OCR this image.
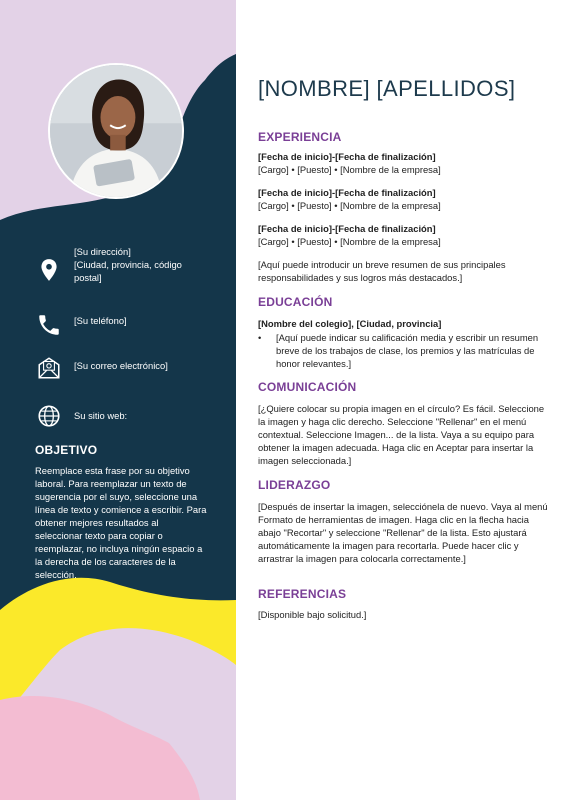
[Su dirección]
[Ciudad, provincia, código postal]
[Su teléfono]
[Su correo electrónico]
Su sitio web:
OBJETIVO
Reemplace esta frase por su objetivo laboral. Para reemplazar un texto de sugerencia por el suyo, seleccione una línea de texto y comience a escribir. Para obtener mejores resultados al seleccionar texto para copiar o reemplazar, no incluya ningún espacio a la derecha de los caracteres de la selección.
[NOMBRE] [APELLIDOS]
EXPERIENCIA
[Fecha de inicio]-[Fecha de finalización]
[Cargo] • [Puesto] • [Nombre de la empresa]
[Fecha de inicio]-[Fecha de finalización]
[Cargo] • [Puesto] • [Nombre de la empresa]
[Fecha de inicio]-[Fecha de finalización]
[Cargo] • [Puesto] • [Nombre de la empresa]
[Aquí puede introducir un breve resumen de sus principales responsabilidades y sus logros más destacados.]
EDUCACIÓN
[Nombre del colegio], [Ciudad, provincia]
• [Aquí puede indicar su calificación media y escribir un resumen breve de los trabajos de clase, los premios y las matrículas de honor relevantes.]
COMUNICACIÓN
[¿Quiere colocar su propia imagen en el círculo? Es fácil. Seleccione la imagen y haga clic derecho. Seleccione "Rellenar" en el menú contextual. Seleccione Imagen... de la lista. Vaya a su equipo para obtener la imagen adecuada. Haga clic en Aceptar para insertar la imagen seleccionada.]
LIDERAZGO
[Después de insertar la imagen, selecciónela de nuevo. Vaya al menú Formato de herramientas de imagen. Haga clic en la flecha hacia abajo "Recortar" y seleccione "Rellenar" de la lista. Esto ajustará automáticamente la imagen para recortarla. Puede hacer clic y arrastrar la imagen para colocarla correctamente.]
REFERENCIAS
[Disponible bajo solicitud.]
